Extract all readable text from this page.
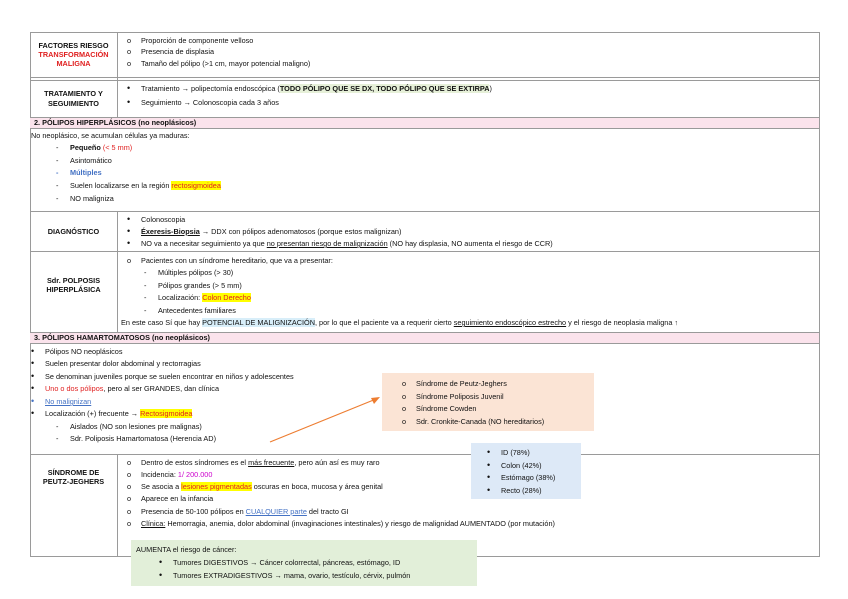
FACTORES RIESGO
TRANSFORMACIÓN
MALIGNA
o Proporción de componente velloso
o Presencia de displasia
o Tamaño del pólipo (>1 cm, mayor potencial maligno)
TRATAMIENTO Y
SEGUIMIENTO
• Tratamiento → polipectomía endoscópica (TODO PÓLIPO QUE SE DX, TODO PÓLIPO QUE SE EXTIRPA)
• Seguimiento → Colonoscopia cada 3 años
2. PÓLIPOS HIPERPLÁSICOS (no neoplásicos)
No neoplásico, se acumulan células ya maduras:
- Pequeño (< 5 mm)
- Asintomático
- Múltiples
- Suelen localizarse en la región rectosigmoidea
- NO maligniza
DIAGNÓSTICO
• Colonoscopia
• Éxeresis-Biopsia → DDX con pólipos adenomatosos (porque estos malignizan)
• NO va a necesitar seguimiento ya que no presentan riesgo de malignización (NO hay displasia, NO aumenta el riesgo de CCR)
Sdr. POLPOSIS
HIPERPLÁSICA
o Pacientes con un síndrome hereditario, que va a presentar:
- Múltiples pólipos (> 30)
- Pólipos grandes (> 5 mm)
- Localización: Colon Derecho
- Antecedentes familiares
En este caso Sí que hay POTENCIAL DE MALIGNIZACIÓN, por lo que el paciente va a requerir cierto seguimiento endoscópico estrecho y el riesgo de neoplasia maligna ↑
3. PÓLIPOS HAMARTOMATOSOS (no neoplásicos)
• Pólipos NO neoplásicos
• Suelen presentar dolor abdominal y rectorragias
• Se denominan juveniles porque se suelen encontrar en niños y adolescentes
• Uno o dos pólipos, pero al ser GRANDES, dan clínica
• No malignizan
• Localización (+) frecuente → Rectosigmoidea
- Aislados (NO son lesiones pre malignas)
- Sdr. Poliposis Hamartomatosa (Herencia AD)
o Síndrome de Peutz-Jeghers
o Síndrome Poliposis Juvenil
o Síndrome Cowden
o Sdr. Cronkite-Canada (NO hereditarios)
SÍNDROME DE
PEUTZ-JEGHERS
o Dentro de estos síndromes es el más frecuente, pero aún así es muy raro
o Incidencia: 1/ 200.000
o Se asocia a lesiones pigmentadas oscuras en boca, mucosa y área genital
o Aparece en la infancia
o Presencia de 50-100 pólipos en CUALQUIER parte del tracto GI
o Clínica: Hemorragia, anemia, dolor abdominal (invaginaciones intestinales) y riesgo de malignidad AUMENTADO (por mutación)
• ID (78%)
• Colon (42%)
• Estómago (38%)
• Recto (28%)
AUMENTA el riesgo de cáncer:
• Tumores DIGESTIVOS → Cáncer colorrectal, páncreas, estómago, ID
• Tumores EXTRADIGESTIVOS → mama, ovario, testículo, cérvix, pulmón
